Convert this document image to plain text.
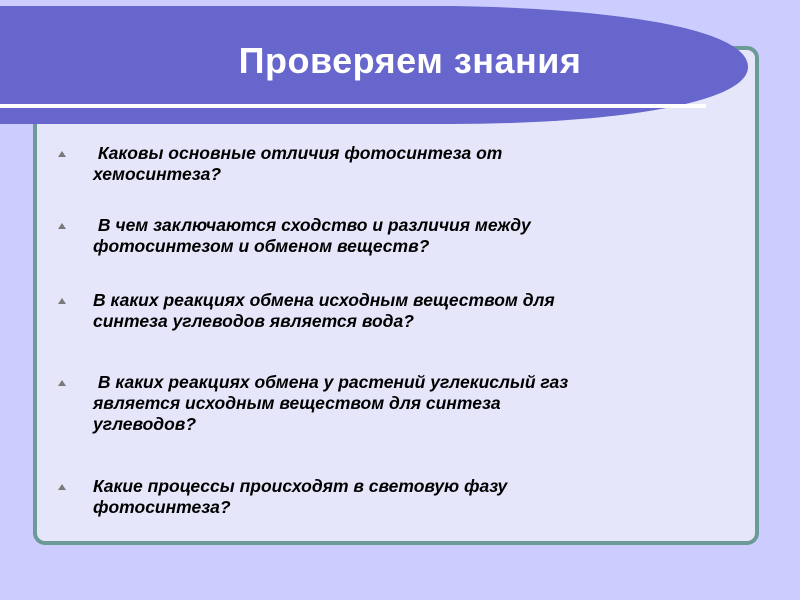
Проверяем знания
Каковы основные отличия фотосинтеза от
хемосинтеза?
В чем заключаются сходство и различия между
фотосинтезом и обменом веществ?
В каких реакциях обмена исходным веществом для
синтеза углеводов является вода?
В каких реакциях обмена у растений углекислый газ
является исходным веществом для синтеза
углеводов?
Какие процессы происходят в световую фазу
фотосинтеза?
